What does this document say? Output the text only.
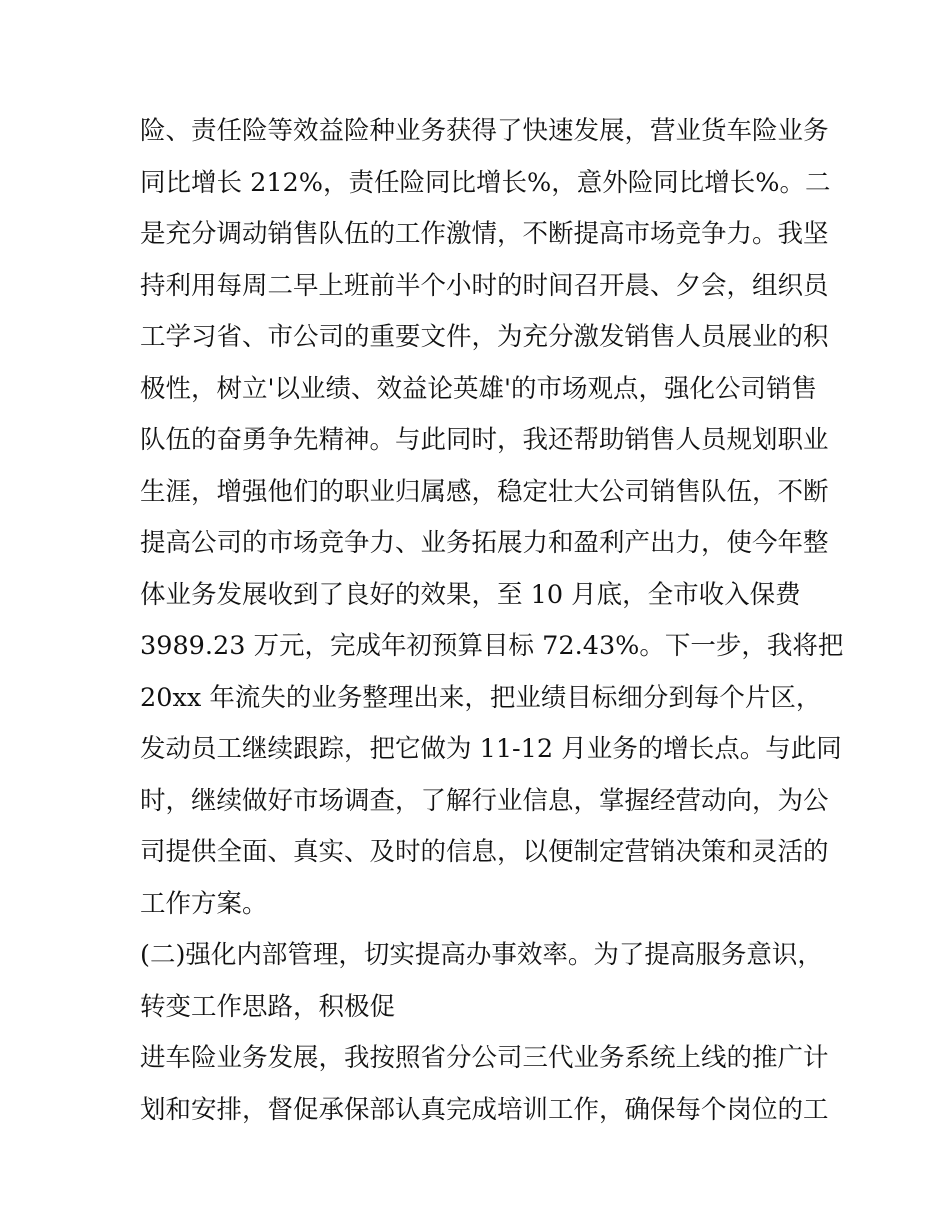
险、责任险等效益险种业务获得了快速发展，营业货车险业务
同比增长 212%，责任险同比增长%，意外险同比增长%。二
是充分调动销售队伍的工作激情，不断提高市场竞争力。我坚
持利用每周二早上班前半个小时的时间召开晨、夕会，组织员
工学习省、市公司的重要文件，为充分激发销售人员展业的积
极性，树立'以业绩、效益论英雄'的市场观点，强化公司销售
队伍的奋勇争先精神。与此同时，我还帮助销售人员规划职业
生涯，增强他们的职业归属感，稳定壮大公司销售队伍，不断
提高公司的市场竞争力、业务拓展力和盈利产出力，使今年整
体业务发展收到了良好的效果，至 10 月底，全市收入保费
3989.23 万元，完成年初预算目标 72.43%。下一步，我将把
20xx 年流失的业务整理出来，把业绩目标细分到每个片区，
发动员工继续跟踪，把它做为 11-12 月业务的增长点。与此同
时，继续做好市场调查，了解行业信息，掌握经营动向，为公
司提供全面、真实、及时的信息，以便制定营销决策和灵活的
工作方案。
(二)强化内部管理，切实提高办事效率。为了提高服务意识，
转变工作思路，积极促
进车险业务发展，我按照省分公司三代业务系统上线的推广计
划和安排，督促承保部认真完成培训工作，确保每个岗位的工
